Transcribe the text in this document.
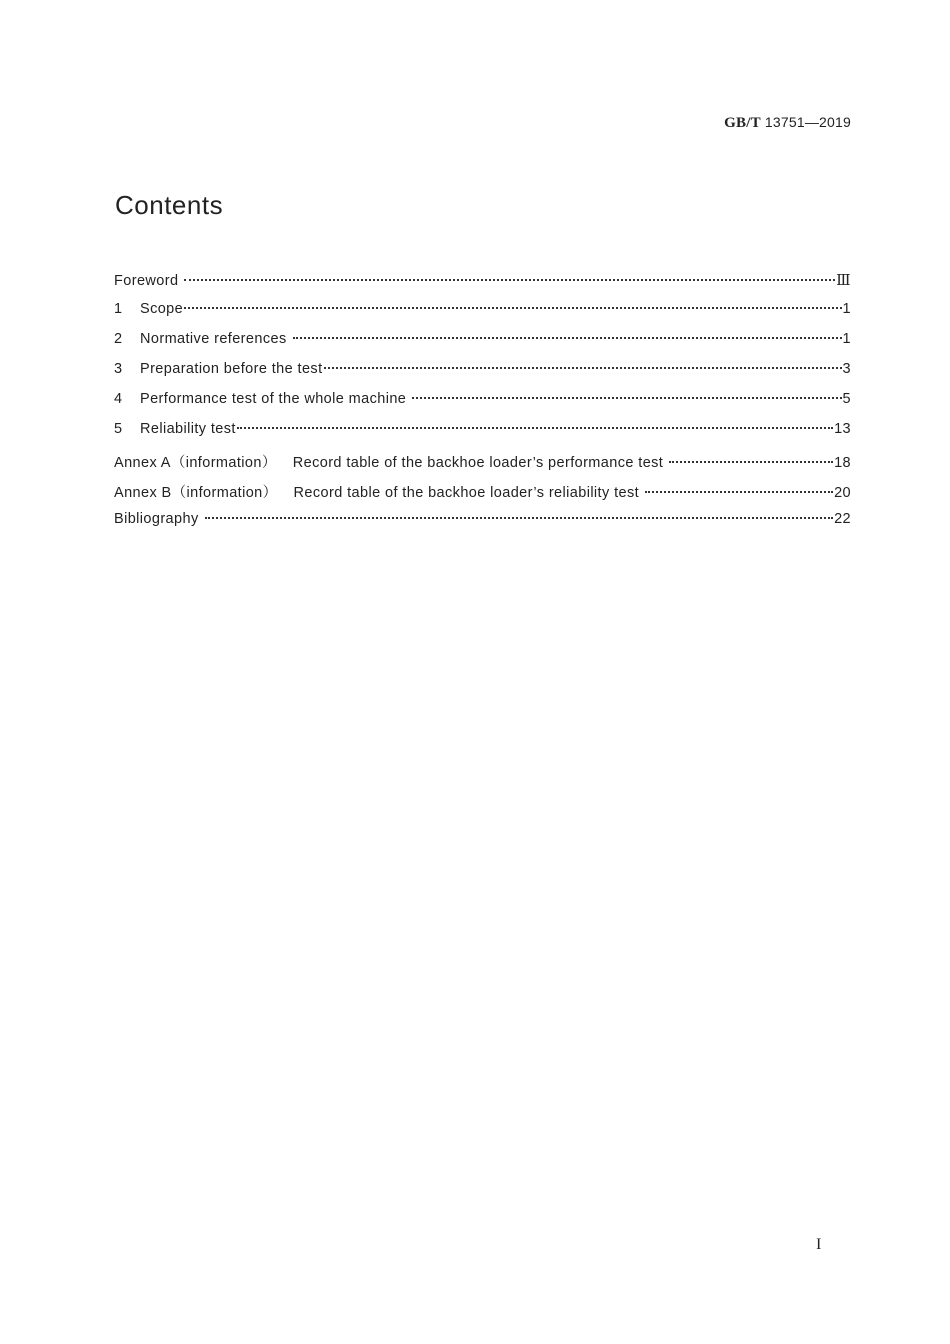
GB/T 13751—2019
Contents
Foreword	Ⅲ
1	Scope	1
2	Normative references	1
3	Preparation before the test	3
4	Performance test of the whole machine	5
5	Reliability test	13
Annex A（information） Record table of the backhoe loader’s performance test	18
Annex B（information） Record table of the backhoe loader’s reliability test	20
Bibliography	22
I
